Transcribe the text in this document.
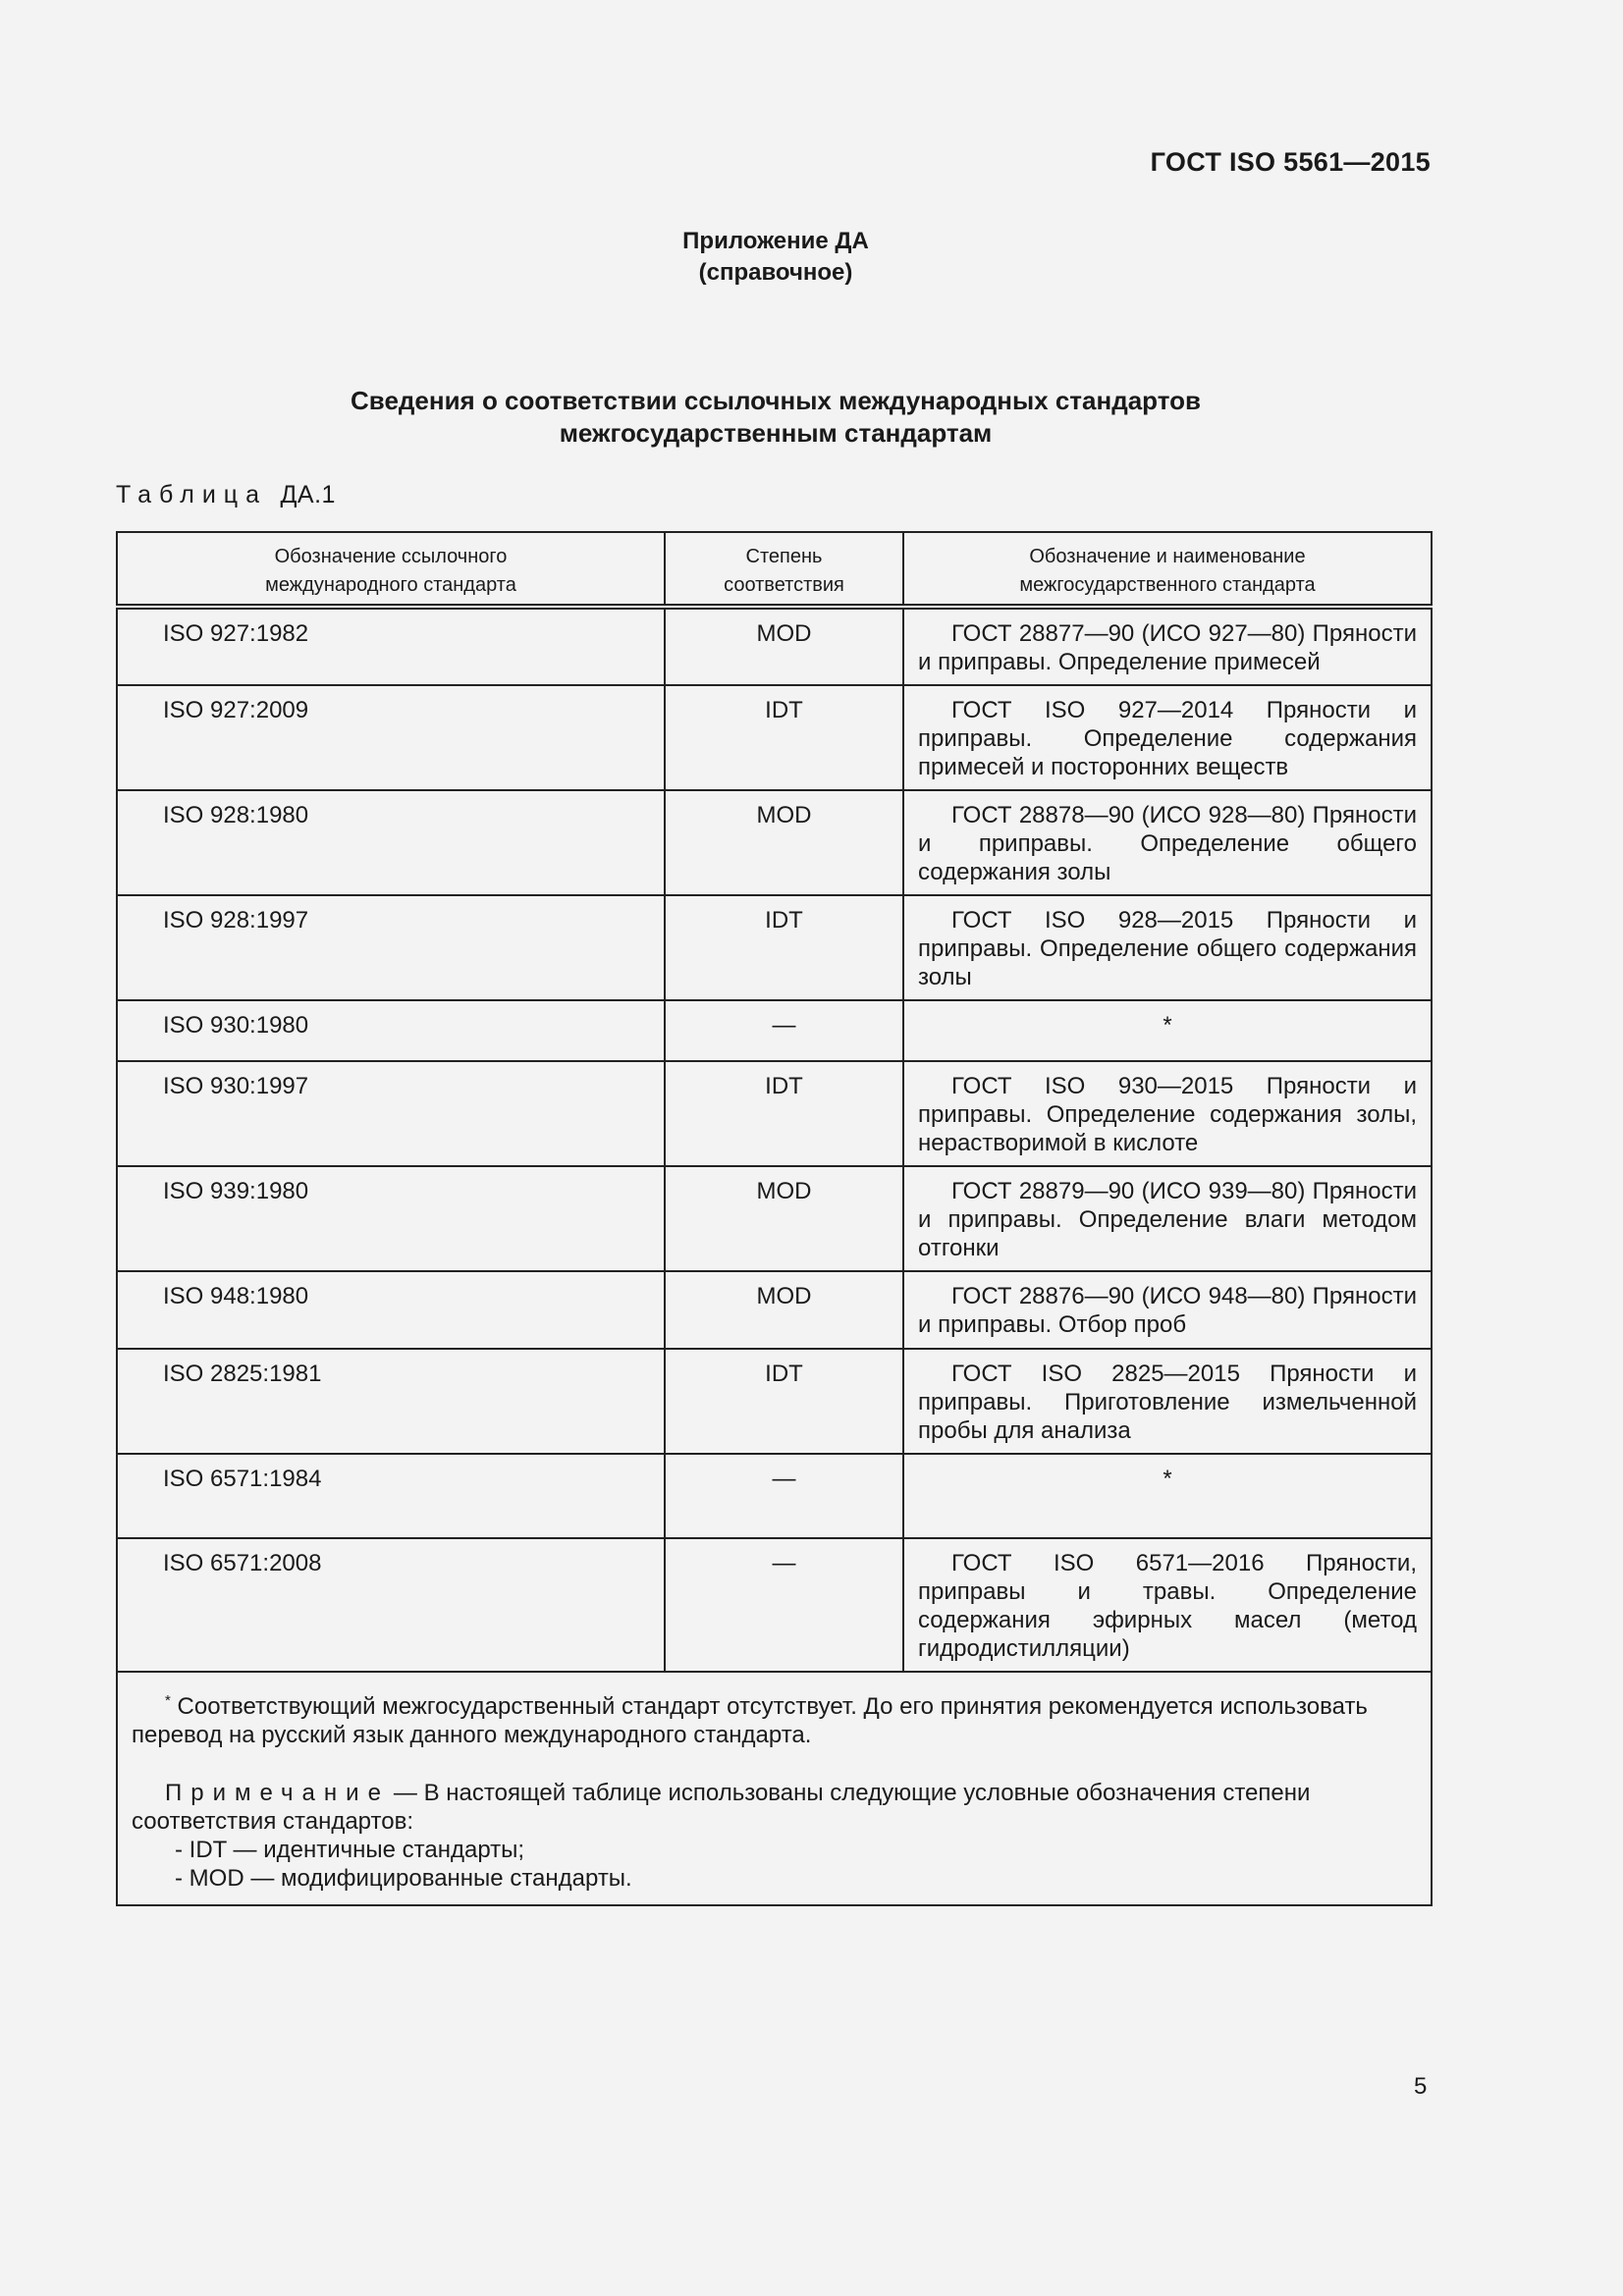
ГОСТ ISO 5561—2015
Приложение ДА
(справочное)
Сведения о соответствии ссылочных международных стандартов
межгосударственным стандартам
Таблица ДА.1
Обозначение ссылочного международного стандарта	Степень соответствия	Обозначение и наименование межгосударственного стандарта
ISO 927:1982	MOD	ГОСТ 28877—90 (ИСО 927—80) Пряности и приправы. Определение примесей

ISO 927:2009	IDT	ГОСТ ISO 927—2014 Пряности и приправы. Определение содержания примесей и посторонних веществ

ISO 928:1980	MOD	ГОСТ 28878—90 (ИСО 928—80) Пряности и приправы. Определение общего содержания золы

ISO 928:1997	IDT	ГОСТ ISO 928—2015 Пряности и приправы. Определение общего содержания золы

ISO 930:1980	—	*
ISO 930:1997	IDT	ГОСТ ISO 930—2015 Пряности и приправы. Определение содержания золы, нерастворимой в кислоте

ISO 939:1980	MOD	ГОСТ 28879—90 (ИСО 939—80) Пряности и приправы. Определение влаги методом отгонки

ISO 948:1980	MOD	ГОСТ 28876—90 (ИСО 948—80) Пряности и приправы. Отбор проб

ISO 2825:1981	IDT	ГОСТ ISO 2825—2015 Пряности и приправы. Приготовление измельченной пробы для анализа

ISO 6571:1984	—	*
ISO 6571:2008	—	ГОСТ ISO 6571—2016 Пряности, приправы и травы. Определение содержания эфирных масел (метод гидродистилляции)

* Соответствующий межгосударственный стандарт отсутствует. До его принятия рекомендуется использовать перевод на русский язык данного международного стандарта.
Примечание — В настоящей таблице использованы следующие условные обозначения степени соответствия стандартов:
- IDT — идентичные стандарты;
- MOD — модифицированные стандарты.		
5
